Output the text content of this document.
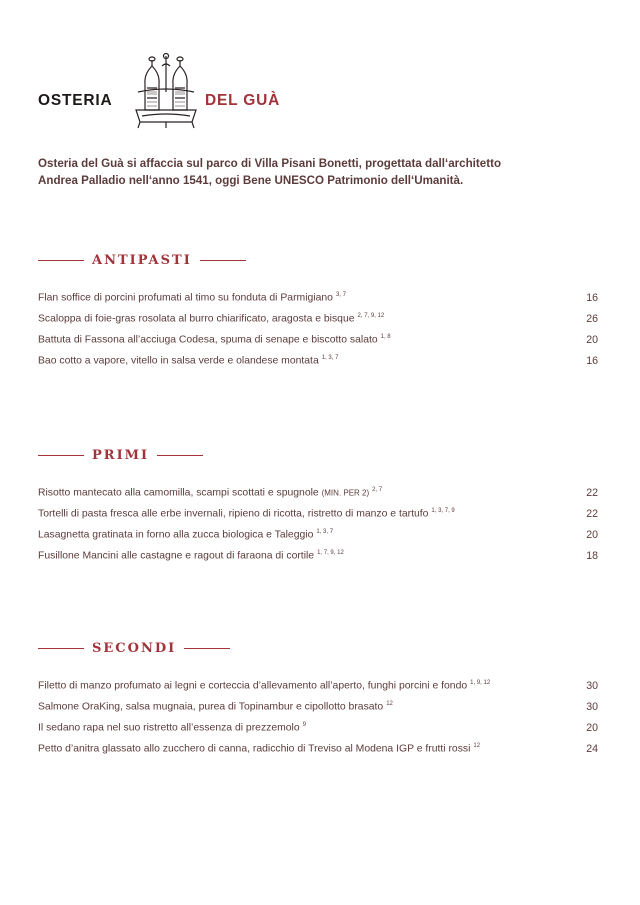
OSTERIA	DEL GUÀ
Osteria del Guà si affaccia sul parco di Villa Pisani Bonetti, progettata dall‘architetto
Andrea Palladio nell‘anno 1541, oggi Bene UNESCO Patrimonio dell‘Umanità.
ANTIPASTI
Flan soffice di porcini profumati al timo su fonduta di Parmigiano $^{3, 7}$	16
Scaloppa di foie-gras rosolata al burro chiarificato, aragosta e bisque $^{2, 7, 9, 12}$	26
Battuta di Fassona all’acciuga Codesa, spuma di senape e biscotto salato $^{1, 8}$	20
Bao cotto a vapore, vitello in salsa verde e olandese montata $^{1, 3, 7}$	16
PRIMI
Risotto mantecato alla camomilla, scampi scottati e spugnole (MIN. PER 2) $^{2, 7}$	22
Tortelli di pasta fresca alle erbe invernali, ripieno di ricotta, ristretto di manzo e tartufo $^{1, 3, 7, 9}$	22
Lasagnetta gratinata in forno alla zucca biologica e Taleggio $^{1, 3, 7}$	20
Fusillone Mancini alle castagne e ragout di faraona di cortile $^{1, 7, 9, 12}$	18
SECONDI
Filetto di manzo profumato ai legni e corteccia d’allevamento all’aperto, funghi porcini e fondo $^{1, 9, 12}$	30
Salmone OraKing, salsa mugnaia, purea di Topinambur e cipollotto brasato $^{12}$	30
Il sedano rapa nel suo ristretto all’essenza di prezzemolo $^9$	20
Petto d’anitra glassato allo zucchero di canna, radicchio di Treviso al Modena IGP e frutti rossi $^{12}$	24
